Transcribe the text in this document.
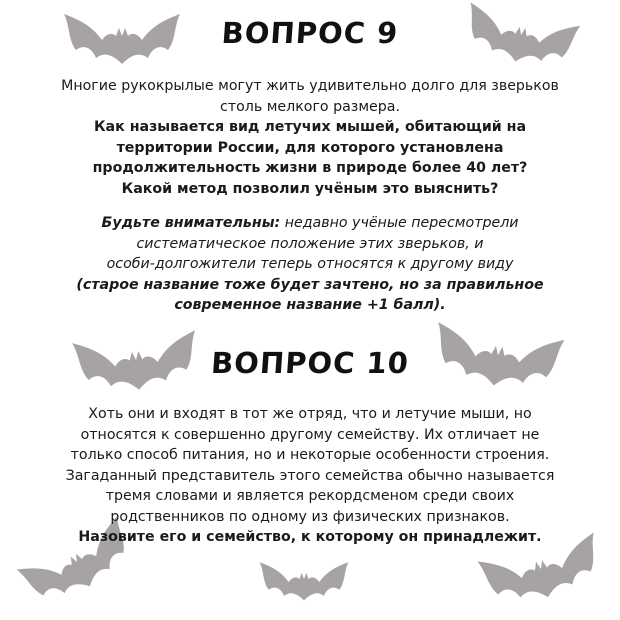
ВОПРОС 9
Многие рукокрылые могут жить удивительно долго для зверьков
столь мелкого размера.
Как называется вид летучих мышей, обитающий на
территории России, для которого установлена
продолжительность жизни в природе более 40 лет?
Какой метод позволил учёным это выяснить?
Будьте внимательны: недавно учёные пересмотрели
систематическое положение этих зверьков, и
особи-долгожители теперь относятся к другому виду
(старое название тоже будет зачтено, но за правильное
современное название +1 балл).
ВОПРОС 10
Хоть они и входят в тот же отряд, что и летучие мыши, но
относятся к совершенно другому семейству. Их отличает не
только способ питания, но и некоторые особенности строения.
Загаданный представитель этого семейства обычно называется
тремя словами и является рекордсменом среди своих
родственников по одному из физических признаков.
Назовите его и семейство, к которому он принадлежит.
